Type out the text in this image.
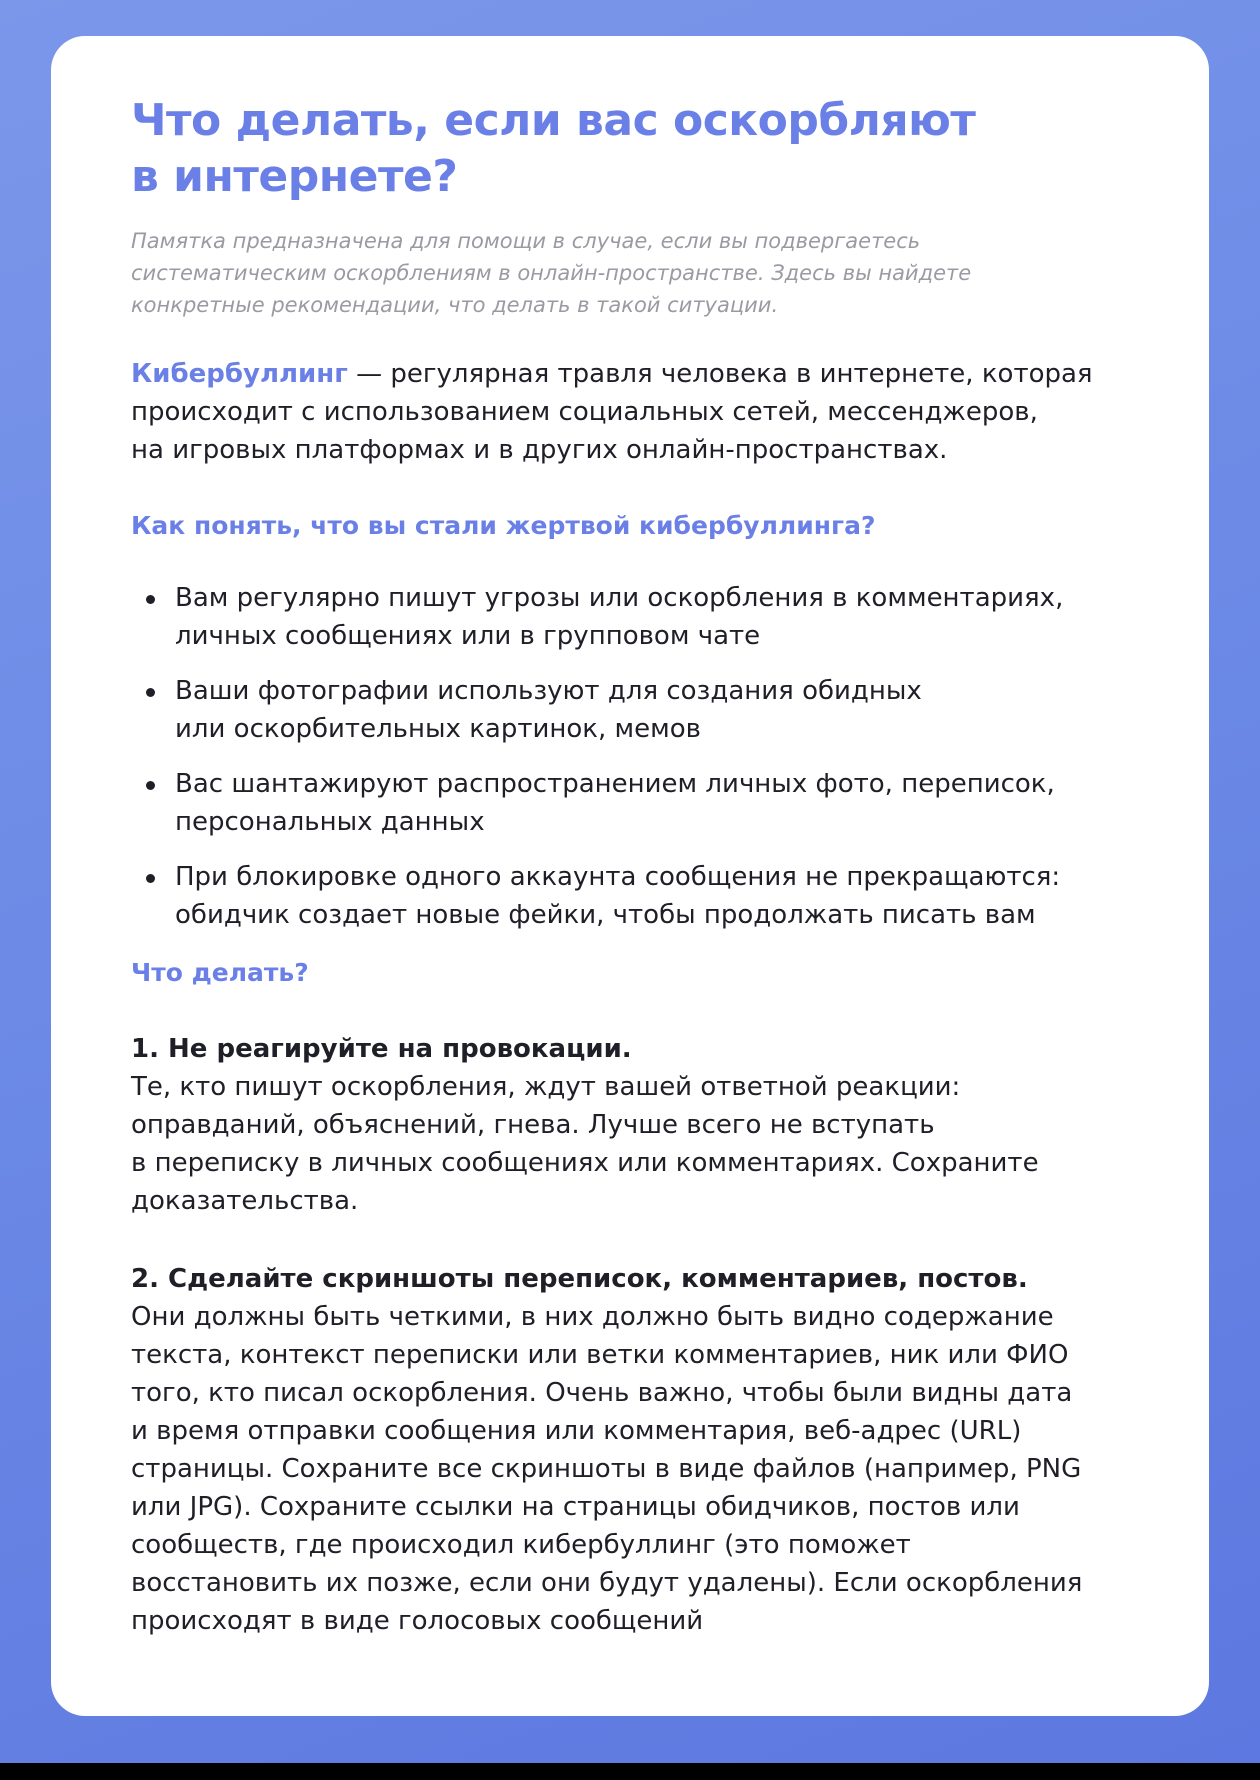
Что делать, если вас оскорбляют
в интернете?

Памятка предназначена для помощи в случае, если вы подвергаетесь
систематическим оскорблениям в онлайн-пространстве. Здесь вы найдете
конкретные рекомендации, что делать в такой ситуации.

Кибербуллинг — регулярная травля человека в интернете, которая
происходит с использованием социальных сетей, мессенджеров,
на игровых платформах и в других онлайн-пространствах.

Как понять, что вы стали жертвой кибербуллинга?
Вам регулярно пишут угрозы или оскорбления в комментариях,
личных сообщениях или в групповом чате
Ваши фотографии используют для создания обидных
или оскорбительных картинок, мемов
Вас шантажируют распространением личных фото, переписок,
персональных данных
При блокировке одного аккаунта сообщения не прекращаются:
обидчик создает новые фейки, чтобы продолжать писать вам
Что делать?

1. Не реагируйте на провокации.

Те, кто пишут оскорбления, ждут вашей ответной реакции:
оправданий, объяснений, гнева. Лучше всего не вступать
в переписку в личных сообщениях или комментариях. Сохраните
доказательства.

2. Сделайте скриншоты переписок, комментариев, постов.

Они должны быть четкими, в них должно быть видно содержание
текста, контекст переписки или ветки комментариев, ник или ФИО
того, кто писал оскорбления. Очень важно, чтобы были видны дата
и время отправки сообщения или комментария, веб-адрес (URL)
страницы. Сохраните все скриншоты в виде файлов (например, PNG
или JPG). Сохраните ссылки на страницы обидчиков, постов или
сообществ, где происходил кибербуллинг (это поможет
восстановить их позже, если они будут удалены). Если оскорбления
происходят в виде голосовых сообщений
